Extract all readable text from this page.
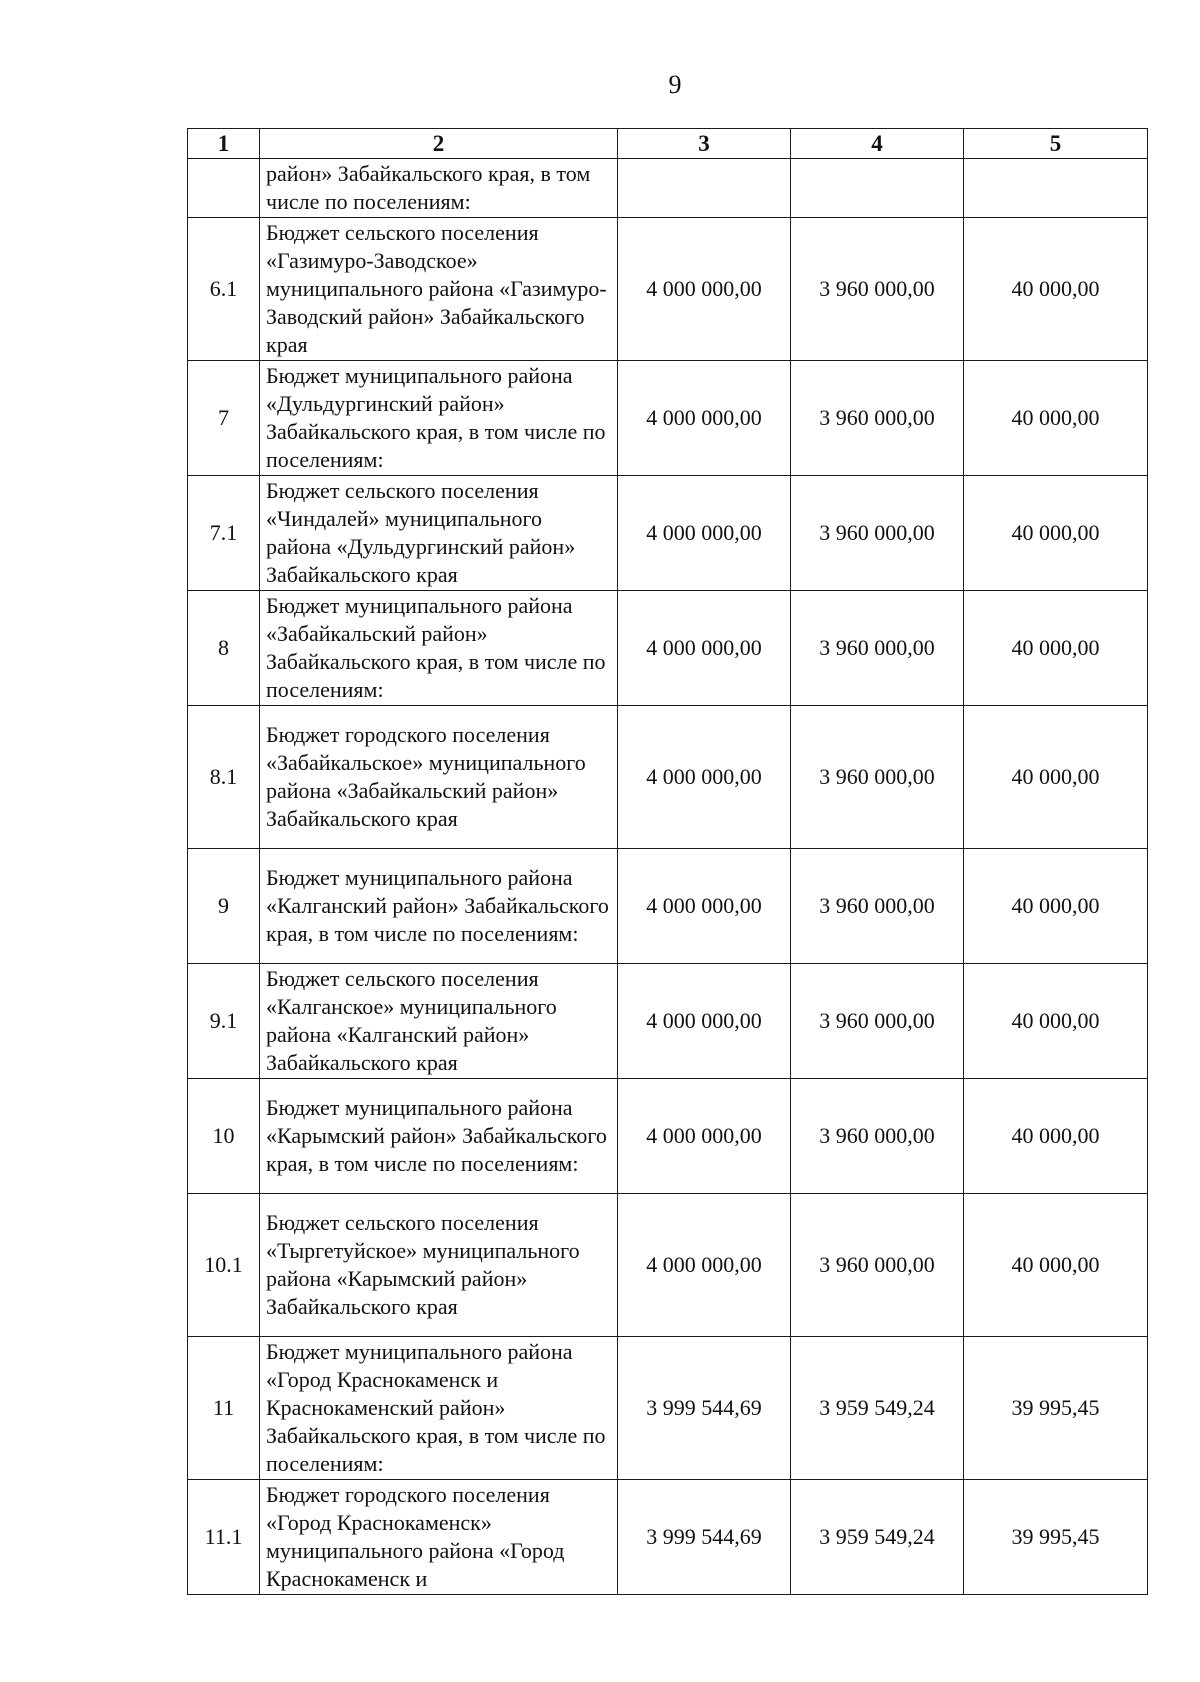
9
1	2	3	4	5
	район» Забайкальского края, в том числе по поселениям:			
6.1	Бюджет сельского поселения «Газимуро-Заводское» муниципального района «Газимуро-Заводский район» Забайкальского края	4 000 000,00	3 960 000,00	40 000,00
7	Бюджет муниципального района «Дульдургинский район» Забайкальского края, в том числе по поселениям:	4 000 000,00	3 960 000,00	40 000,00
7.1	Бюджет сельского поселения «Чиндалей» муниципального района «Дульдургинский район» Забайкальского края	4 000 000,00	3 960 000,00	40 000,00
8	Бюджет муниципального района «Забайкальский район» Забайкальского края, в том числе по поселениям:	4 000 000,00	3 960 000,00	40 000,00
8.1	Бюджет городского поселения «Забайкальское» муниципального района «Забайкальский район» Забайкальского края	4 000 000,00	3 960 000,00	40 000,00
9	Бюджет муниципального района «Калганский район» Забайкальского края, в том числе по поселениям:	4 000 000,00	3 960 000,00	40 000,00
9.1	Бюджет сельского поселения «Калганское» муниципального района «Калганский район» Забайкальского края	4 000 000,00	3 960 000,00	40 000,00
10	Бюджет муниципального района «Карымский район» Забайкальского края, в том числе по поселениям:	4 000 000,00	3 960 000,00	40 000,00
10.1	Бюджет сельского поселения «Тыргетуйское» муниципального района «Карымский район» Забайкальского края	4 000 000,00	3 960 000,00	40 000,00
11	Бюджет муниципального района «Город Краснокаменск и Краснокаменский район» Забайкальского края, в том числе по поселениям:	3 999 544,69	3 959 549,24	39 995,45
11.1	Бюджет городского поселения «Город Краснокаменск» муниципального района «Город Краснокаменск и	3 999 544,69	3 959 549,24	39 995,45
